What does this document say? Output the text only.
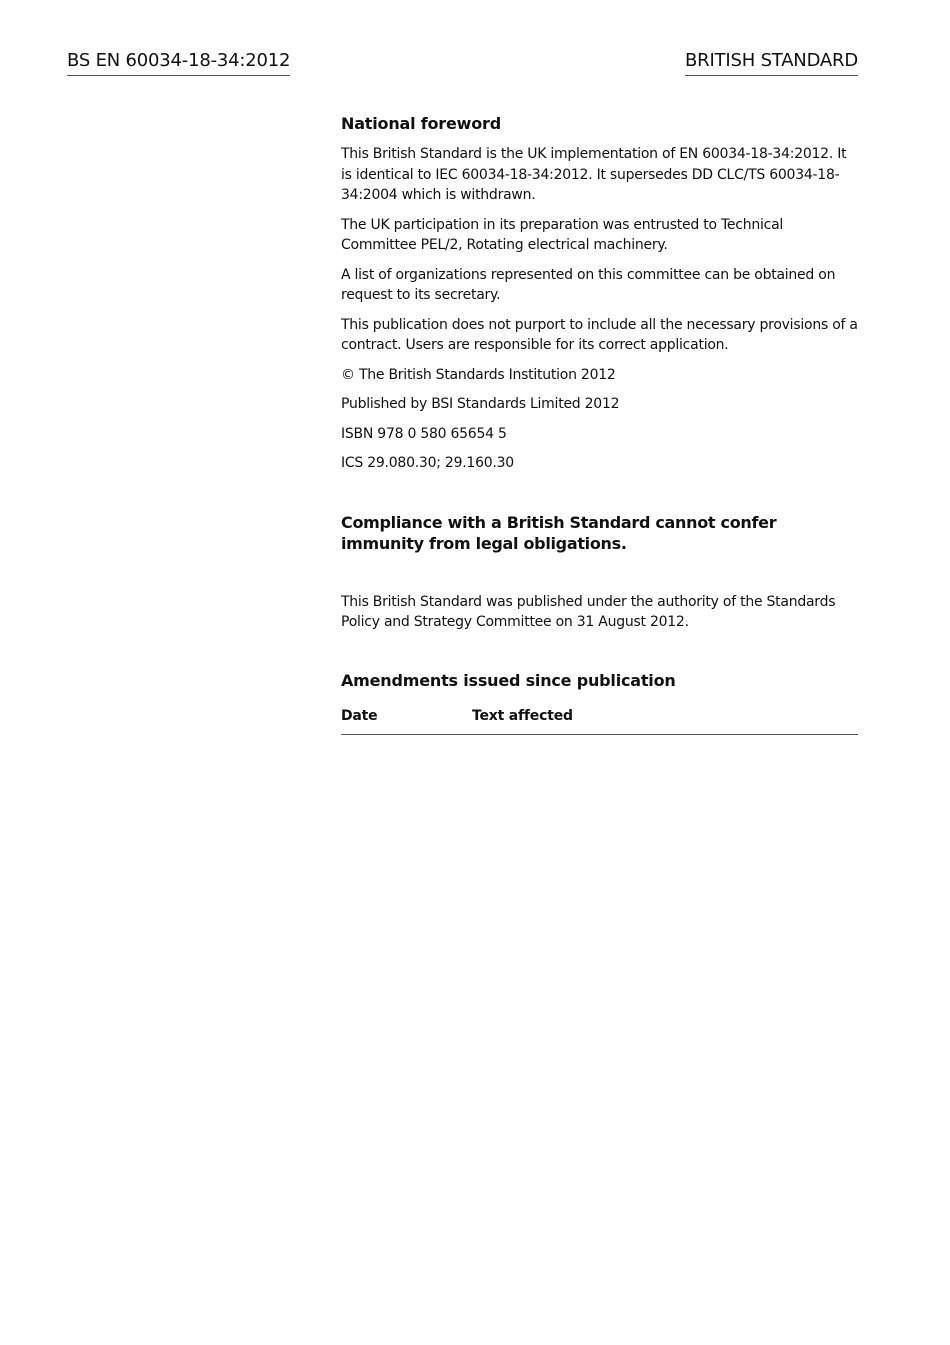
BS EN 60034-18-34:2012	BRITISH STANDARD
National foreword

This British Standard is the UK implementation of EN 60034-18-34:2012. It is identical to IEC 60034-18-34:2012. It supersedes DD CLC/TS 60034-18-34:2004 which is withdrawn.

The UK participation in its preparation was entrusted to Technical Committee PEL/2, Rotating electrical machinery.

A list of organizations represented on this committee can be obtained on request to its secretary.

This publication does not purport to include all the necessary provisions of a contract. Users are responsible for its correct application.

© The British Standards Institution 2012

Published by BSI Standards Limited 2012

ISBN 978 0 580 65654 5

ICS 29.080.30; 29.160.30

Compliance with a British Standard cannot confer immunity from legal obligations.

This British Standard was published under the authority of the Standards Policy and Strategy Committee on 31 August 2012.

Amendments issued since publication
Date	Text affected
